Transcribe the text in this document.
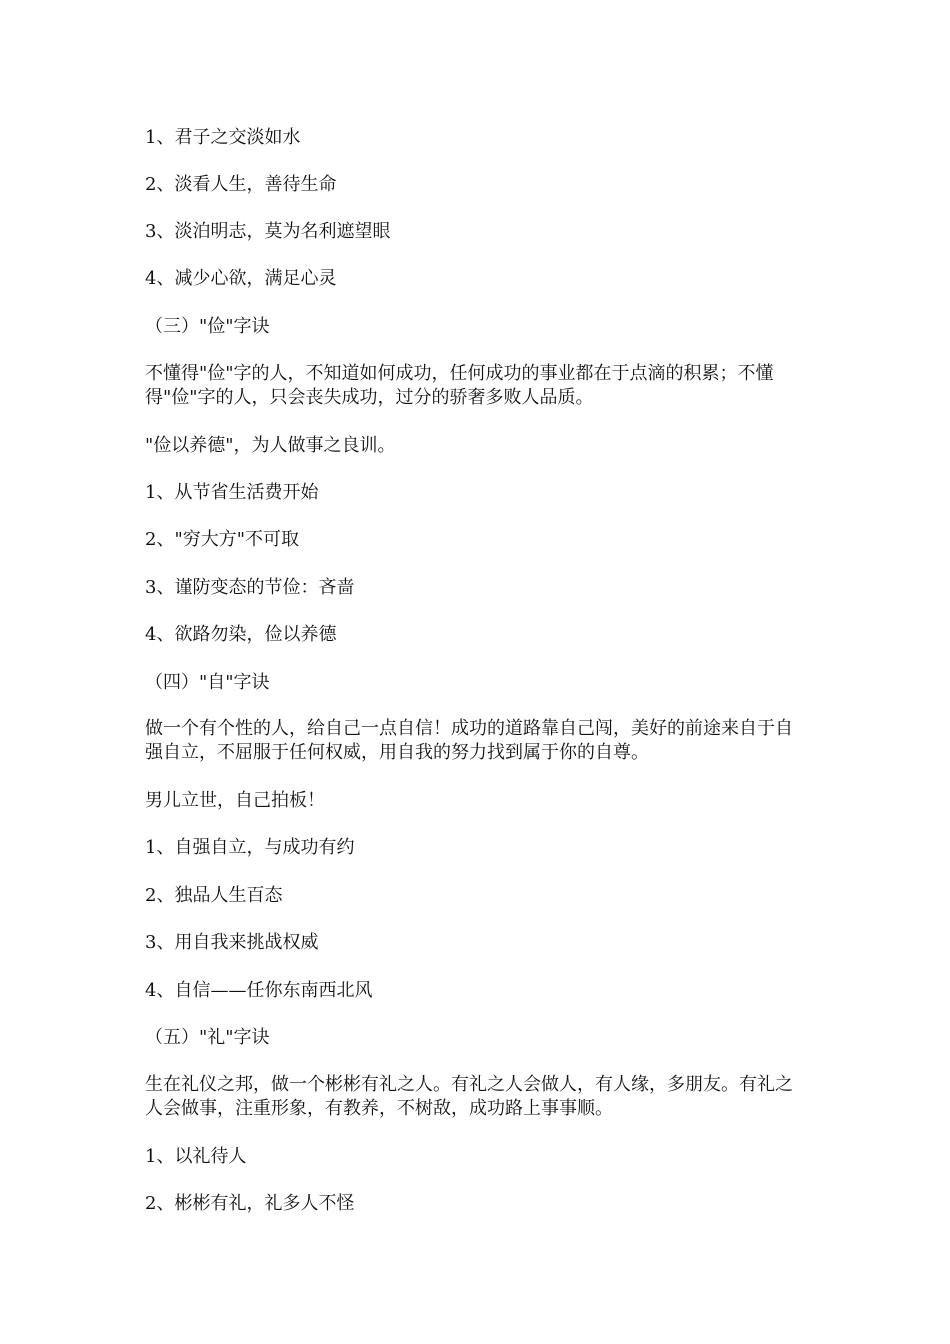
1、君子之交淡如水
2、淡看人生，善待生命
3、淡泊明志，莫为名利遮望眼
4、减少心欲，满足心灵
（三）"俭"字诀
不懂得"俭"字的人，不知道如何成功，任何成功的事业都在于点滴的积累；不懂得"俭"字的人，只会丧失成功，过分的骄奢多败人品质。
"俭以养德"，为人做事之良训。
1、从节省生活费开始
2、"穷大方"不可取
3、谨防变态的节俭：吝啬
4、欲路勿染，俭以养德
（四）"自"字诀
做一个有个性的人，给自己一点自信！成功的道路靠自己闯，美好的前途来自于自强自立，不屈服于任何权威，用自我的努力找到属于你的自尊。
男儿立世，自己拍板！
1、自强自立，与成功有约
2、独品人生百态
3、用自我来挑战权威
4、自信——任你东南西北风
（五）"礼"字诀
生在礼仪之邦，做一个彬彬有礼之人。有礼之人会做人，有人缘，多朋友。有礼之人会做事，注重形象，有教养，不树敌，成功路上事事顺。
1、以礼待人
2、彬彬有礼，礼多人不怪
